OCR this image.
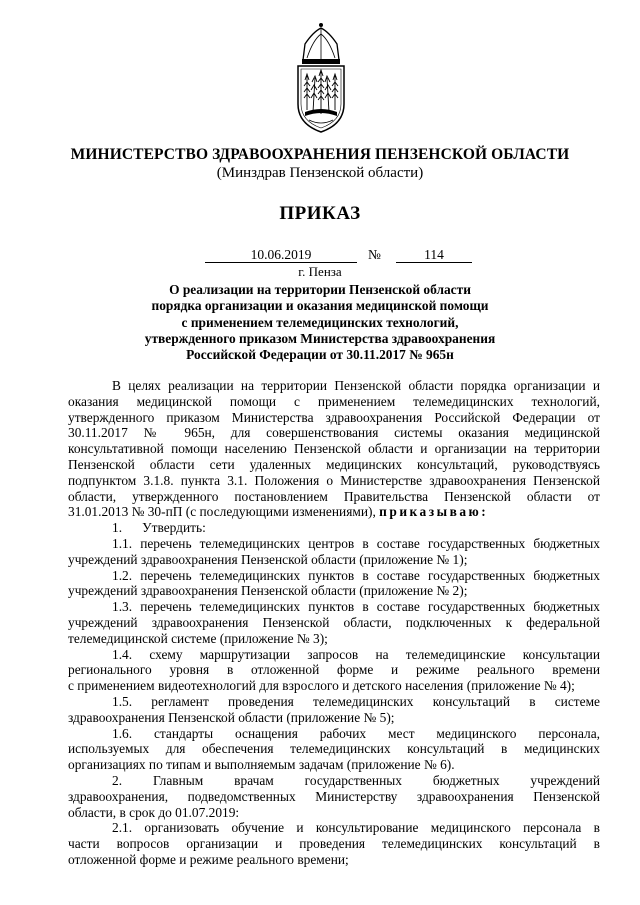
МИНИСТЕРСТВО ЗДРАВООХРАНЕНИЯ ПЕНЗЕНСКОЙ ОБЛАСТИ
(Минздрав Пензенской области)
ПРИКАЗ
10.06.2019	№	114
г. Пенза
О реализации на территории Пензенской области
порядка организации и оказания медицинской помощи
с применением телемедицинских технологий,
утвержденного приказом Министерства здравоохранения
Российской Федерации от 30.11.2017 № 965н
В целях реализации на территории Пензенской области порядка организации и
оказания медицинской помощи с применением телемедицинских технологий,
утвержденного приказом Министерства здравоохранения Российской Федерации от
30.11.2017 № 965н, для совершенствования системы оказания медицинской
консультативной помощи населению Пензенской области и организации на территории
Пензенской области сети удаленных медицинских консультаций, руководствуясь
подпунктом 3.1.8. пункта 3.1. Положения о Министерстве здравоохранения Пензенской
области, утвержденного постановлением Правительства Пензенской области от
31.01.2013 № 30-пП (с последующими изменениями), приказываю:
1.      Утвердить:
1.1. перечень телемедицинских центров в составе государственных бюджетных
учреждений здравоохранения Пензенской области (приложение № 1);
1.2. перечень телемедицинских пунктов в составе государственных бюджетных
учреждений здравоохранения Пензенской области (приложение № 2);
1.3. перечень телемедицинских пунктов в составе государственных бюджетных
учреждений здравоохранения Пензенской области, подключенных к федеральной
телемедицинской системе (приложение № 3);
1.4. схему маршрутизации запросов на телемедицинские консультации
регионального уровня в отложенной форме и режиме реального времени
с применением видеотехнологий для взрослого и детского населения (приложение № 4);
1.5. регламент проведения телемедицинских консультаций в системе
здравоохранения Пензенской области (приложение № 5);
1.6. стандарты оснащения рабочих мест медицинского персонала,
используемых для обеспечения телемедицинских консультаций в медицинских
организациях по типам и выполняемым задачам (приложение № 6).
2. Главным врачам государственных бюджетных учреждений
здравоохранения, подведомственных Министерству здравоохранения Пензенской
области, в срок до 01.07.2019:
2.1. организовать обучение и консультирование медицинского персонала в
части вопросов организации и проведения телемедицинских консультаций в
отложенной форме и режиме реального времени;
